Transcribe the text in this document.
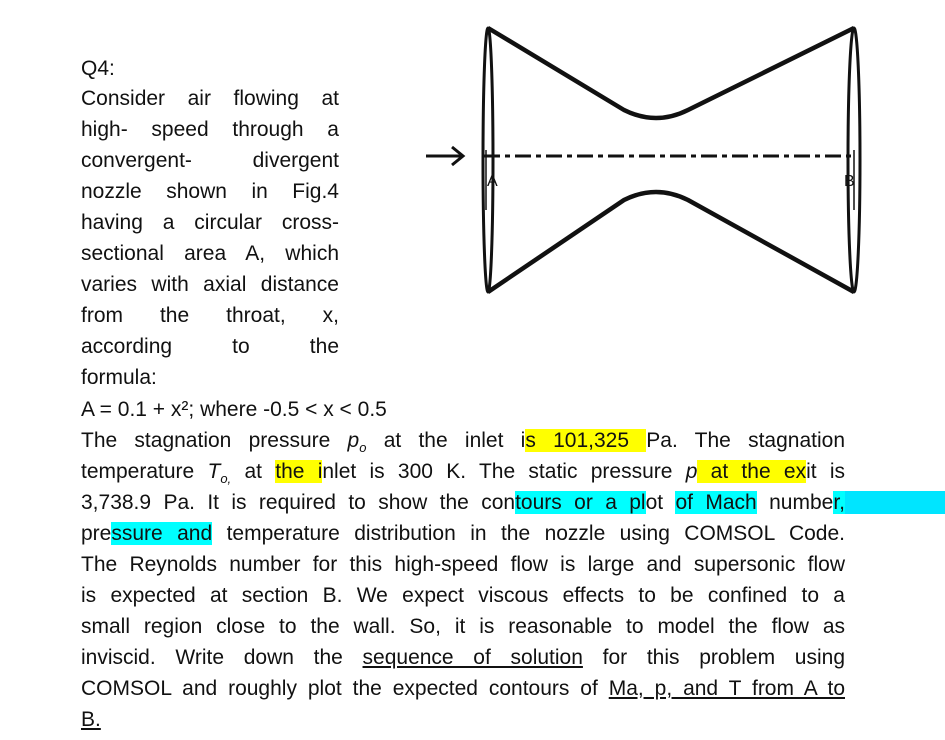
Q4:
Consider air flowing at
high- speed through a
convergent- divergent
nozzle shown in Fig.4
having a circular cross-
sectional area A, which
varies with axial distance
from the throat, x,
according to the
formula:
A = 0.1 + x²; where -0.5 < x < 0.5
The stagnation pressure $p_o$ at the inlet is 101,325 Pa. The stagnation
temperature $T_{o,}$ at the inlet is 300 K. The static pressure p at the exit is
3,738.9 Pa. It is required to show the contours or a plot of Mach number,
pressure and temperature distribution in the nozzle using COMSOL Code.
The Reynolds number for this high-speed flow is large and supersonic flow
is expected at section B. We expect viscous effects to be confined to a
small region close to the wall. So, it is reasonable to model the flow as
inviscid. Write down the sequence of solution for this problem using
COMSOL and roughly plot the expected contours of Ma, p, and T from A to
B.
A	B
